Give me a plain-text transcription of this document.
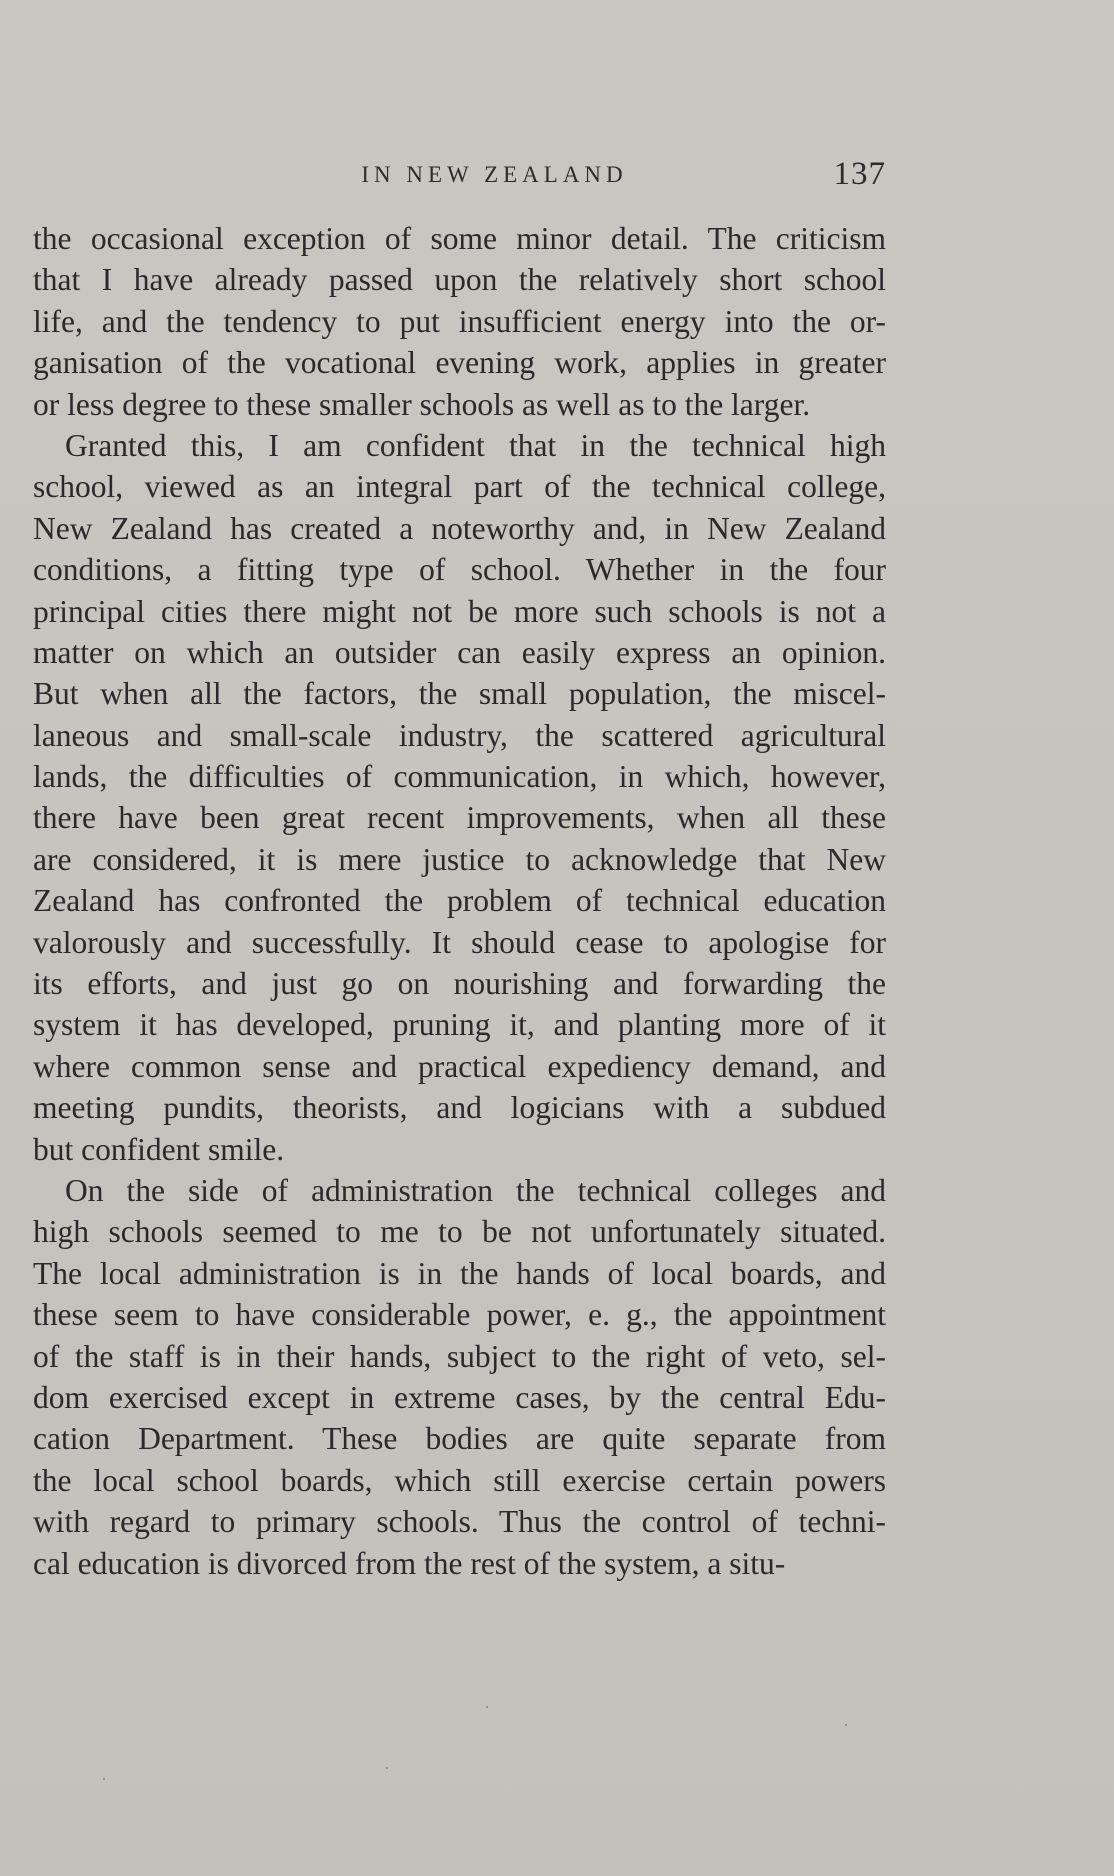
IN NEW ZEALAND	137
the occasional exception of some minor detail. The criticism
that I have already passed upon the relatively short school
life, and the tendency to put insufficient energy into the or-
ganisation of the vocational evening work, applies in greater
or less degree to these smaller schools as well as to the larger.
Granted this, I am confident that in the technical high
school, viewed as an integral part of the technical college,
New Zealand has created a noteworthy and, in New Zealand
conditions, a fitting type of school. Whether in the four
principal cities there might not be more such schools is not a
matter on which an outsider can easily express an opinion.
But when all the factors, the small population, the miscel-
laneous and small-scale industry, the scattered agricultural
lands, the difficulties of communication, in which, however,
there have been great recent improvements, when all these
are considered, it is mere justice to acknowledge that New
Zealand has confronted the problem of technical education
valorously and successfully. It should cease to apologise for
its efforts, and just go on nourishing and forwarding the
system it has developed, pruning it, and planting more of it
where common sense and practical expediency demand, and
meeting pundits, theorists, and logicians with a subdued
but confident smile.
On the side of administration the technical colleges and
high schools seemed to me to be not unfortunately situated.
The local administration is in the hands of local boards, and
these seem to have considerable power, e. g., the appointment
of the staff is in their hands, subject to the right of veto, sel-
dom exercised except in extreme cases, by the central Edu-
cation Department. These bodies are quite separate from
the local school boards, which still exercise certain powers
with regard to primary schools. Thus the control of techni-
cal education is divorced from the rest of the system, a situ-
